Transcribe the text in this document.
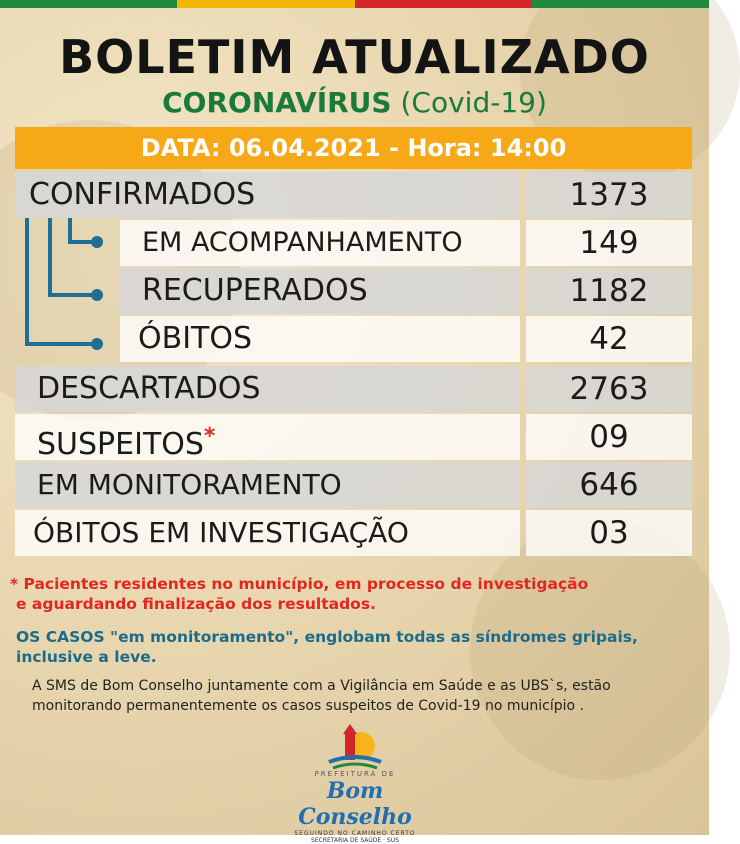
BOLETIM ATUALIZADO
CORONAVÍRUS (Covid-19)
DATA: 06.04.2021 - Hora: 14:00
CONFIRMADOS	1373
EM ACOMPANHAMENTO	149
RECUPERADOS	1182
ÓBITOS	42
DESCARTADOS	2763
SUSPEITOS*	09
EM MONITORAMENTO	646
ÓBITOS EM INVESTIGAÇÃO	03
* Pacientes residentes no município, em processo de investigação
e aguardando finalização dos resultados.
OS CASOS "em monitoramento", englobam todas as síndromes gripais,
inclusive a leve.
A SMS de Bom Conselho juntamente com a Vigilância em Saúde e as UBS`s, estão
monitorando permanentemente os casos suspeitos de Covid-19 no município .
PREFEITURA DE
Bom Conselho
SEGUINDO NO CAMINHO CERTO
SECRETARIA DE SAÚDE · SUS
